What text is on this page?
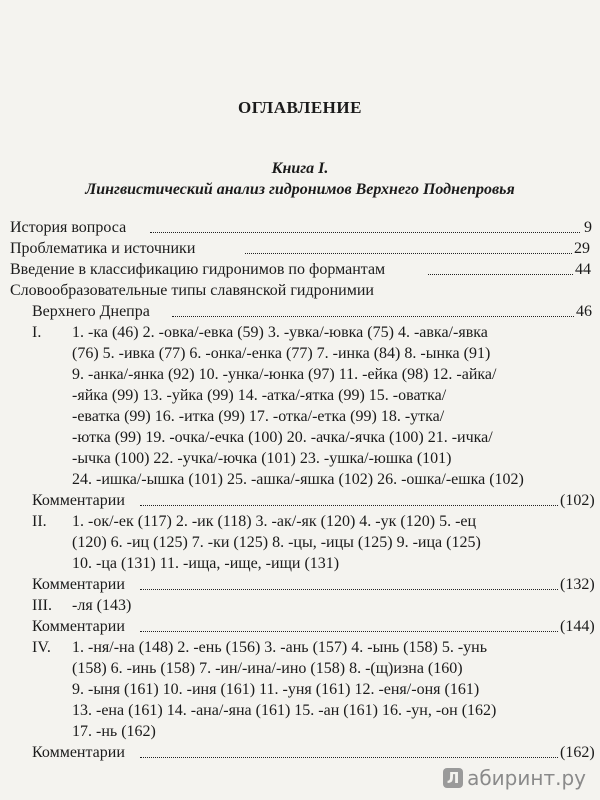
ОГЛАВЛЕНИЕ
Книга I.
Лингвистический анализ гидронимов Верхнего Поднепровья
История вопроса	9
Проблематика и источники	29
Введение в классификацию гидронимов по формантам	44
Словообразовательные типы славянской гидронимии
Верхнего Днепра	46
I. 1. -ка (46) 2. -овка/-евка (59) 3. -увка/-ювка (75) 4. -авка/-явка
(76) 5. -ивка (77) 6. -онка/-енка (77) 7. -инка (84) 8. -ынка (91)
9. -анка/-янка (92) 10. -унка/-юнка (97) 11. -ейка (98) 12. -айка/
-яйка (99) 13. -уйка (99) 14. -атка/-ятка (99) 15. -оватка/
-еватка (99) 16. -итка (99) 17. -отка/-етка (99) 18. -утка/
-ютка (99) 19. -очка/-ечка (100) 20. -ачка/-ячка (100) 21. -ичка/
-ычка (100) 22. -учка/-ючка (101) 23. -ушка/-юшка (101)
24. -ишка/-ышка (101) 25. -ашка/-яшка (102) 26. -ошка/-ешка (102)
Комментарии	(102)
II. 1. -ок/-ек (117) 2. -ик (118) 3. -ак/-як (120) 4. -ук (120) 5. -ец
(120) 6. -иц (125) 7. -ки (125) 8. -цы, -ицы (125) 9. -ица (125)
10. -ца (131) 11. -ища, -ище, -ищи (131)
Комментарии	(132)
III. -ля (143)
Комментарии	(144)
IV. 1. -ня/-на (148) 2. -ень (156) 3. -ань (157) 4. -ынь (158) 5. -унь
(158) 6. -инь (158) 7. -ин/-ина/-ино (158) 8. -(щ)изна (160)
9. -ыня (161) 10. -иня (161) 11. -уня (161) 12. -еня/-оня (161)
13. -ена (161) 14. -ана/-яна (161) 15. -ан (161) 16. -ун, -он (162)
17. -нь (162)
Комментарии	(162)
Л абиринт.ру
